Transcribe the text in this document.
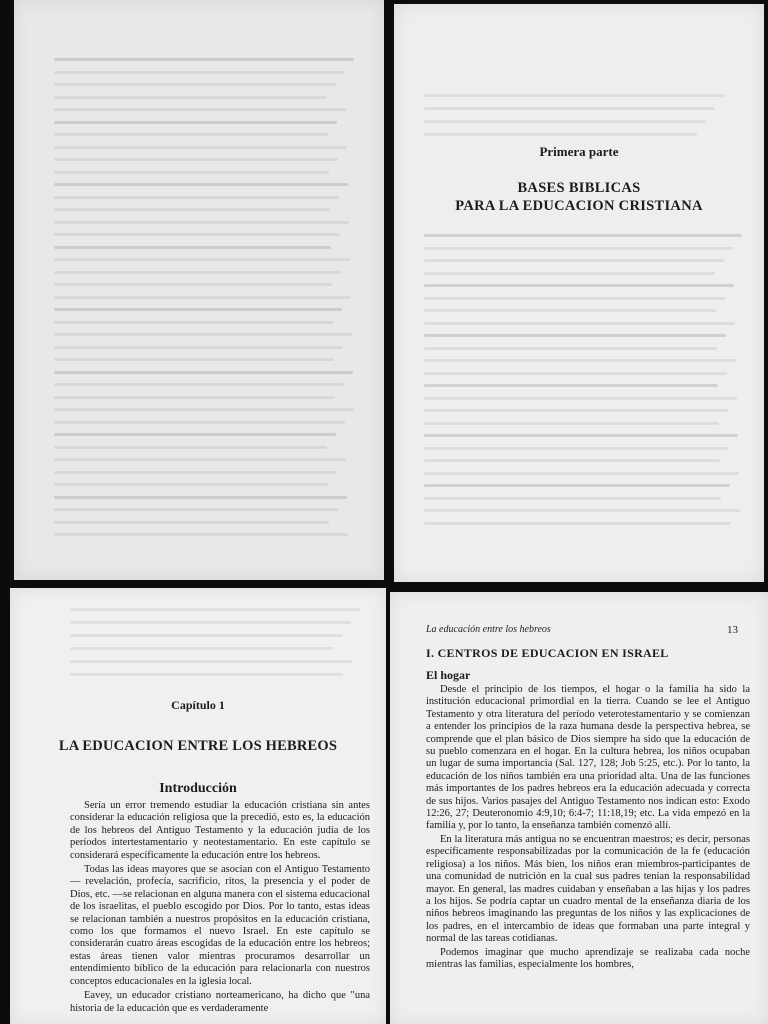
Primera parte
BASES BIBLICAS
PARA LA EDUCACION CRISTIANA
Capítulo 1
LA EDUCACION ENTRE LOS HEBREOS
Introducción

Sería un error tremendo estudiar la educación cristiana sin antes considerar la educación religiosa que la precedió, esto es, la educación de los hebreos del Antiguo Testamento y la educación judía de los períodos intertestamentario y neotestamentario. En este capítulo se considerará específicamente la educación entre los hebreos.

Todas las ideas mayores que se asocian con el Antiguo Testamento — revelación, profecía, sacrificio, ritos, la presencia y el poder de Dios, etc. —se relacionan en alguna manera con el sistema educacional de los israelitas, el pueblo escogido por Dios. Por lo tanto, estas ideas se relacionan también a nuestros propósitos en la educación cristiana, como los que formamos el nuevo Israel. En este capítulo se considerarán cuatro áreas escogidas de la educación entre los hebreos; estas áreas tienen valor mientras procuramos desarrollar un entendimiento bíblico de la educación para relacionarla con nuestros conceptos educacionales en la iglesia local.

Eavey, un educador cristiano norteamericano, ha dicho que "una historia de la educación que es verdaderamente

La educación entre los hebreos	13
I. CENTROS DE EDUCACION EN ISRAEL
El hogar

Desde el principio de los tiempos, el hogar o la familia ha sido la institución educacional primordial en la tierra. Cuando se lee el Antiguo Testamento y otra literatura del período veterotestamentario y se comienzan a entender los principios de la raza humana desde la perspectiva hebrea, se comprende que el plan básico de Dios siempre ha sido que la educación de su pueblo comenzara en el hogar. En la cultura hebrea, los niños ocupaban un lugar de suma importancia (Sal. 127, 128; Job 5:25, etc.). Por lo tanto, la educación de los niños también era una prioridad alta. Una de las funciones más importantes de los padres hebreos era la educación adecuada y correcta de sus hijos. Varios pasajes del Antiguo Testamento nos indican esto: Exodo 12:26, 27; Deuteronomio 4:9,10; 6:4-7; 11:18,19; etc. La vida empezó en la familia y, por lo tanto, la enseñanza también comenzó allí.

En la literatura más antigua no se encuentran maestros; es decir, personas específicamente responsabilizadas por la comunicación de la fe (educación religiosa) a los niños. Más bien, los niños eran miembros-participantes de una comunidad de nutrición en la cual sus padres tenían la responsabilidad mayor. En general, las madres cuidaban y enseñaban a las hijas y los padres a los hijos. Se podría captar un cuadro mental de la enseñanza diaria de los niños hebreos imaginando las preguntas de los niños y las explicaciones de los padres, en el intercambio de ideas que formaban una parte integral y normal de las tareas cotidianas.

Podemos imaginar que mucho aprendizaje se realizaba cada noche mientras las familias, especialmente los hombres,
